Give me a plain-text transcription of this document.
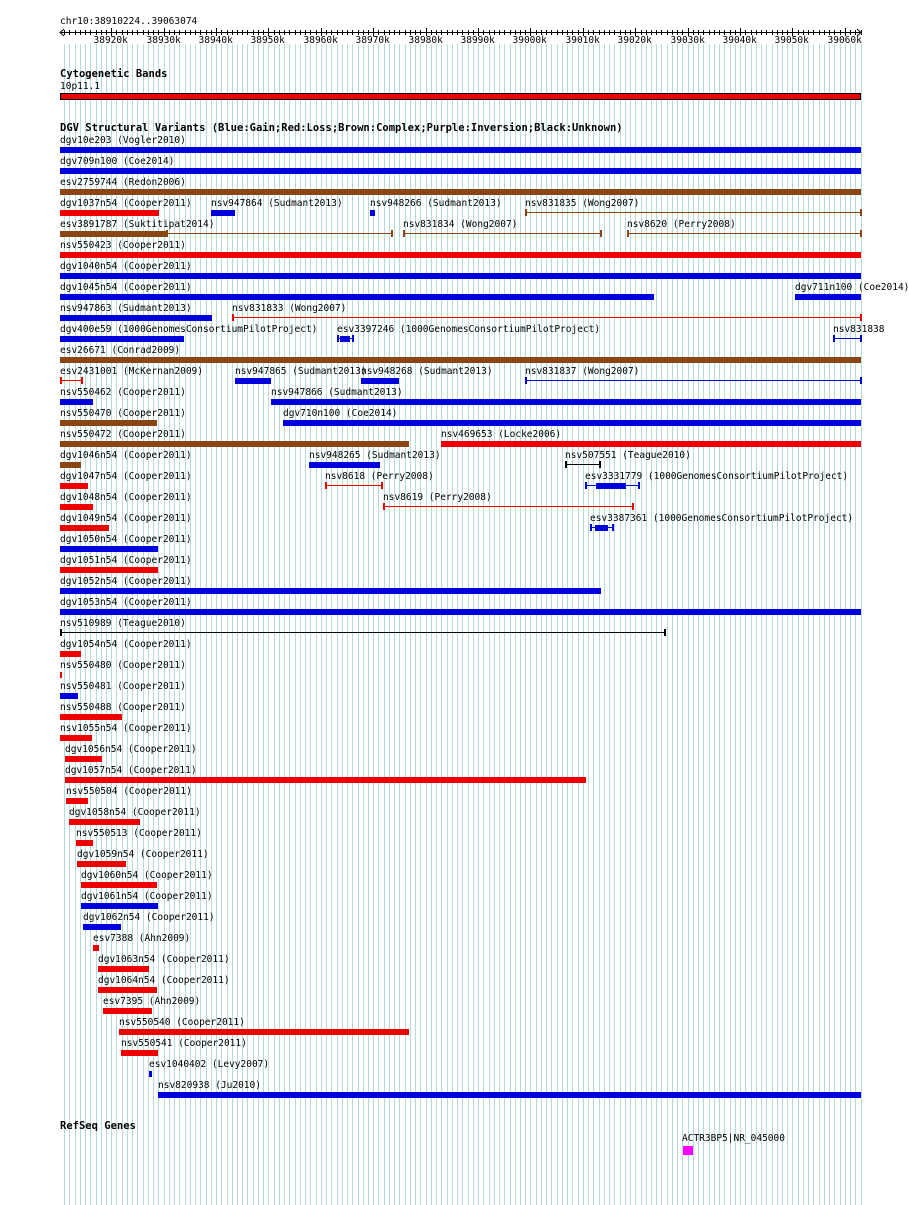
chr10:38910224..39063074
Cytogenetic Bands
DGV Structural Variants (Blue:Gain;Red:Loss;Brown:Complex;Purple:Inversion;Black:Unknown)
RefSeq Genes
38920k 38930k 38940k 38950k 38960k 38970k 38980k 38990k 39000k 39010k 39020k 39030k 39040k 39050k 39060k
10p11.1
dgv10e203 (Vogler2010)
dgv709n100 (Coe2014)
esv2759744 (Redon2006)
dgv1037n54 (Cooper2011) nsv947864 (Sudmant2013)	nsv948266 (Sudmant2013) nsv831835 (Wong2007)
esv3891787 (Suktitipat2014)	nsv831834 (Wong2007)	nsv8620 (Perry2008)
nsv550423 (Cooper2011)
dgv1040n54 (Cooper2011)
dgv1045n54 (Cooper2011)	dgv711n100 (Coe2014)
nsv947863 (Sudmant2013)	nsv831833 (Wong2007)
dgv400e59 (1000GenomesConsortiumPilotProject) esv3397246 (1000GenomesConsortiumPilotProject)	nsv831838
esv26671 (Conrad2009)
esv2431001 (McKernan2009)	nsv947865 (Sudmant2013)
nsv948268 (Sudmant2013)	nsv831837 (Wong2007)
nsv550462 (Cooper2011)	nsv947866 (Sudmant2013)
nsv550470 (Cooper2011)	dgv710n100 (Coe2014)
nsv550472 (Cooper2011)	nsv469653 (Locke2006)
dgv1046n54 (Cooper2011)	nsv948265 (Sudmant2013)	nsv507551 (Teague2010)
dgv1047n54 (Cooper2011)	nsv8618 (Perry2008)	esv3331779 (1000GenomesConsortiumPilotProject)
dgv1048n54 (Cooper2011)	nsv8619 (Perry2008)
dgv1049n54 (Cooper2011)	esv3387361 (1000GenomesConsortiumPilotProject)
dgv1050n54 (Cooper2011)
dgv1051n54 (Cooper2011)
dgv1052n54 (Cooper2011)
dgv1053n54 (Cooper2011)
nsv510989 (Teague2010)
dgv1054n54 (Cooper2011)
nsv550480 (Cooper2011)
nsv550481 (Cooper2011)
nsv550488 (Cooper2011)
nsv1055n54 (Cooper2011)
dgv1056n54 (Cooper2011)
dgv1057n54 (Cooper2011)
nsv550504 (Cooper2011)
dgv1058n54 (Cooper2011)
nsv550513 (Cooper2011)
dgv1059n54 (Cooper2011)
dgv1060n54 (Cooper2011)
dgv1061n54 (Cooper2011)
dgv1062n54 (Cooper2011)
esv7388 (Ahn2009)
dgv1063n54 (Cooper2011)
dgv1064n54 (Cooper2011)
esv7395 (Ahn2009)
nsv550540 (Cooper2011)
nsv550541 (Cooper2011)
esv1040402 (Levy2007)
nsv820938 (Ju2010)
ACTR3BP5|NR_045000
